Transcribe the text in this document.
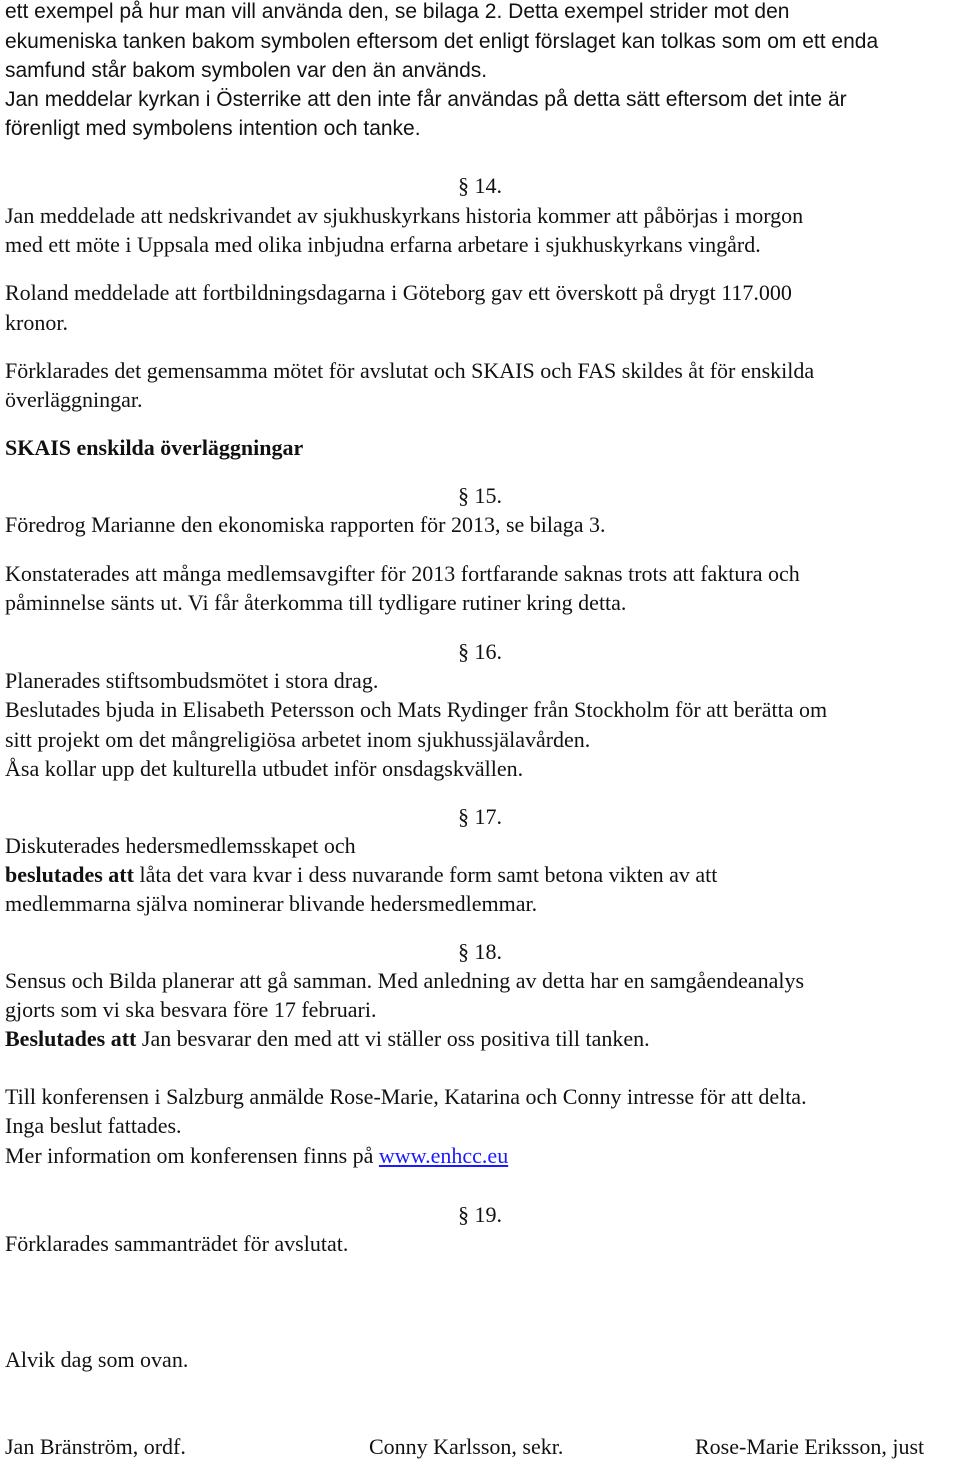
ett exempel på hur man vill använda den, se bilaga 2. Detta exempel strider mot den
ekumeniska tanken bakom symbolen eftersom det enligt förslaget kan tolkas som om ett enda
samfund står bakom symbolen var den än används.
Jan meddelar kyrkan i Österrike att den inte får användas på detta sätt eftersom det inte är
förenligt med symbolens intention och tanke.
§ 14.
Jan meddelade att nedskrivandet av sjukhuskyrkans historia kommer att påbörjas i morgon
med ett möte i Uppsala med olika inbjudna erfarna arbetare i sjukhuskyrkans vingård.
Roland meddelade att fortbildningsdagarna i Göteborg gav ett överskott på drygt 117.000
kronor.
Förklarades det gemensamma mötet för avslutat och SKAIS och FAS skildes åt för enskilda
överläggningar.
SKAIS enskilda överläggningar
§ 15.
Föredrog Marianne den ekonomiska rapporten för 2013, se bilaga 3.
Konstaterades att många medlemsavgifter för 2013 fortfarande saknas trots att faktura och
påminnelse sänts ut. Vi får återkomma till tydligare rutiner kring detta.
§ 16.
Planerades stiftsombudsmötet i stora drag.
Beslutades bjuda in Elisabeth Petersson och Mats Rydinger från Stockholm för att berätta om
sitt projekt om det mångreligiösa arbetet inom sjukhussjälavården.
Åsa kollar upp det kulturella utbudet inför onsdagskvällen.
§ 17.
Diskuterades hedersmedlemsskapet och
beslutades att låta det vara kvar i dess nuvarande form samt betona vikten av att
medlemmarna själva nominerar blivande hedersmedlemmar.
§ 18.
Sensus och Bilda planerar att gå samman. Med anledning av detta har en samgåendeanalys
gjorts som vi ska besvara före 17 februari.
Beslutades att Jan besvarar den med att vi ställer oss positiva till tanken.
Till konferensen i Salzburg anmälde Rose-Marie, Katarina och Conny intresse för att delta.
Inga beslut fattades.
Mer information om konferensen finns på www.enhcc.eu
§ 19.
Förklarades sammanträdet för avslutat.
Alvik dag som ovan.
Jan Bränström, ordf.	Conny Karlsson, sekr.	Rose-Marie Eriksson, just
